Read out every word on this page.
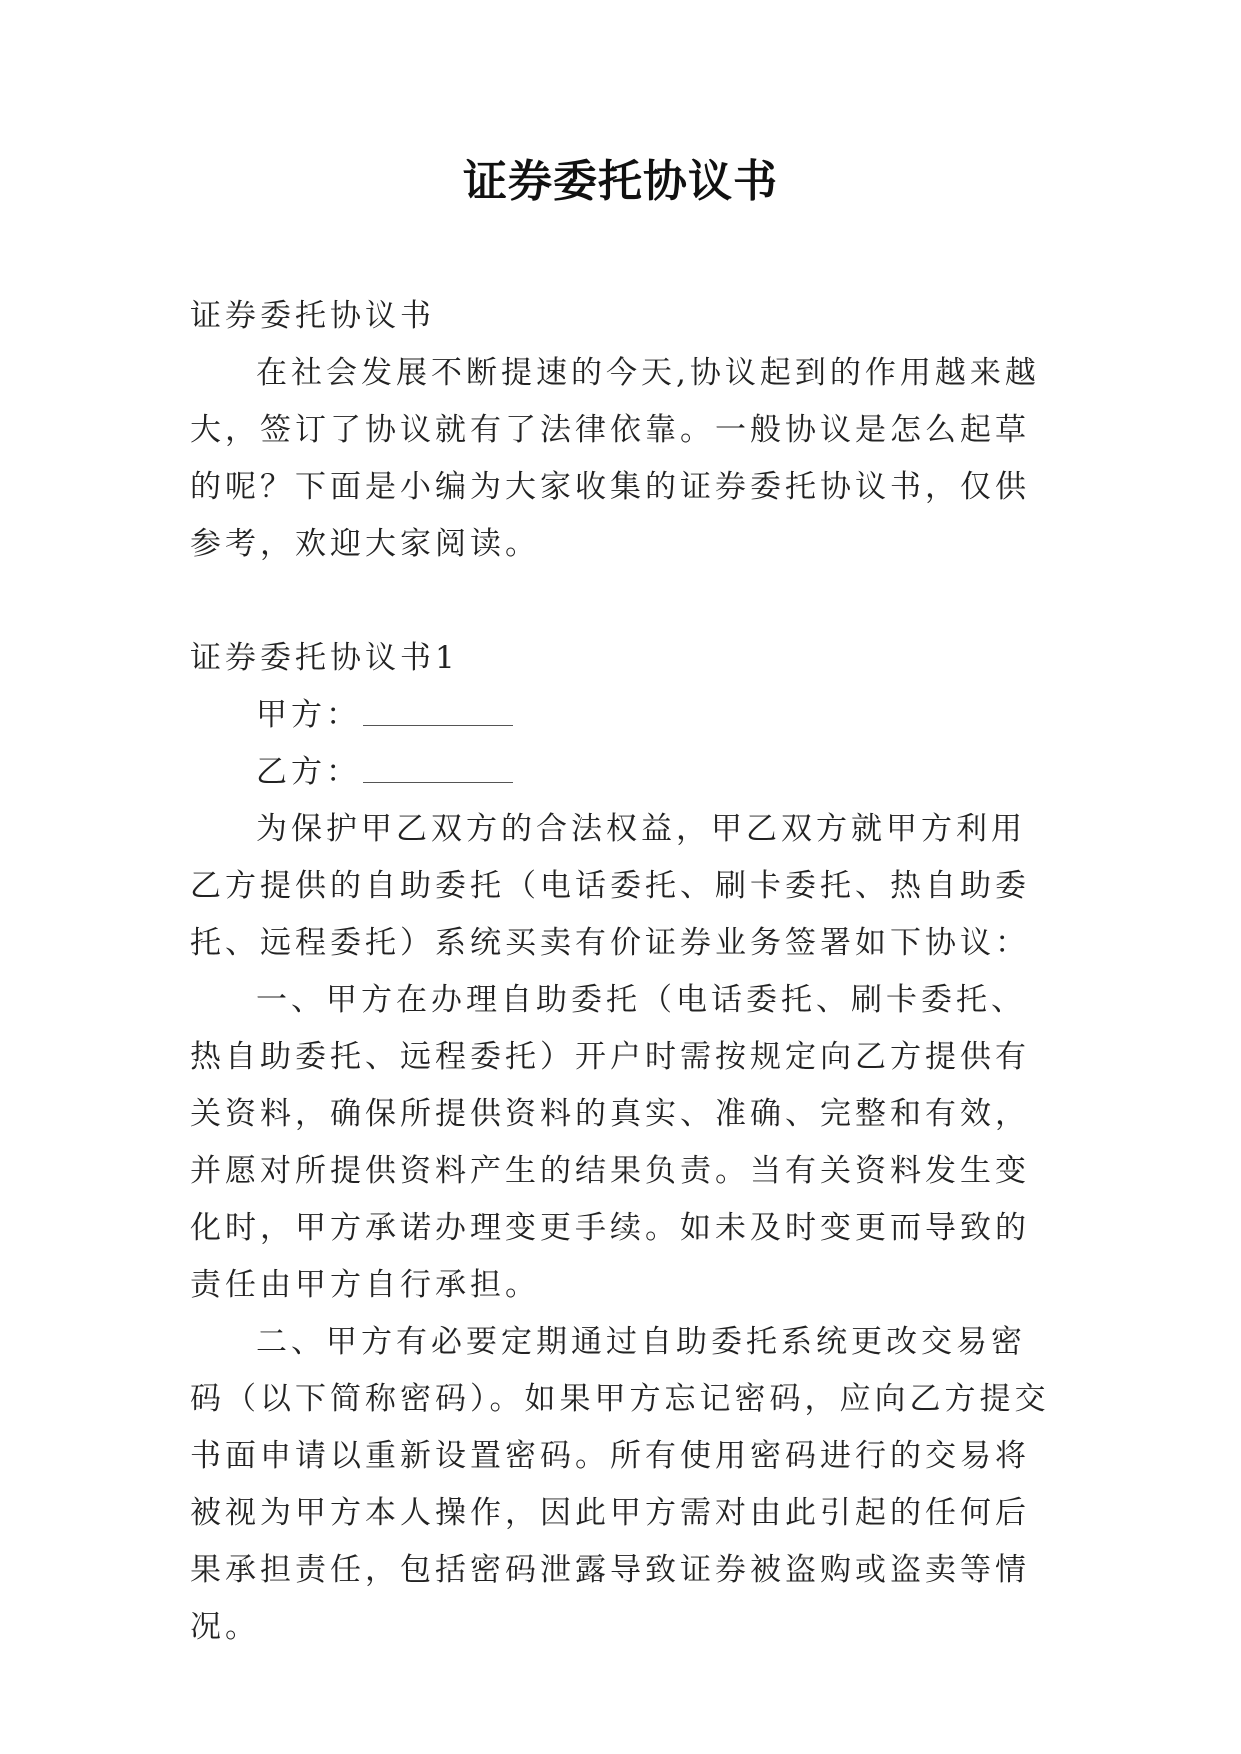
证券委托协议书

证券委托协议书

在社会发展不断提速的今天,协议起到的作用越来越大，签订了协议就有了法律依靠。一般协议是怎么起草的呢？下面是小编为大家收集的证券委托协议书，仅供参考，欢迎大家阅读。

证券委托协议书1

甲方：

乙方：

为保护甲乙双方的合法权益，甲乙双方就甲方利用乙方提供的自助委托（电话委托、刷卡委托、热自助委托、远程委托）系统买卖有价证券业务签署如下协议：

一、甲方在办理自助委托（电话委托、刷卡委托、热自助委托、远程委托）开户时需按规定向乙方提供有关资料，确保所提供资料的真实、准确、完整和有效，并愿对所提供资料产生的结果负责。当有关资料发生变化时，甲方承诺办理变更手续。如未及时变更而导致的责任由甲方自行承担。

二、甲方有必要定期通过自助委托系统更改交易密码（以下简称密码）。如果甲方忘记密码，应向乙方提交书面申请以重新设置密码。所有使用密码进行的交易将被视为甲方本人操作，因此甲方需对由此引起的任何后果承担责任，包括密码泄露导致证券被盗购或盗卖等情况。
